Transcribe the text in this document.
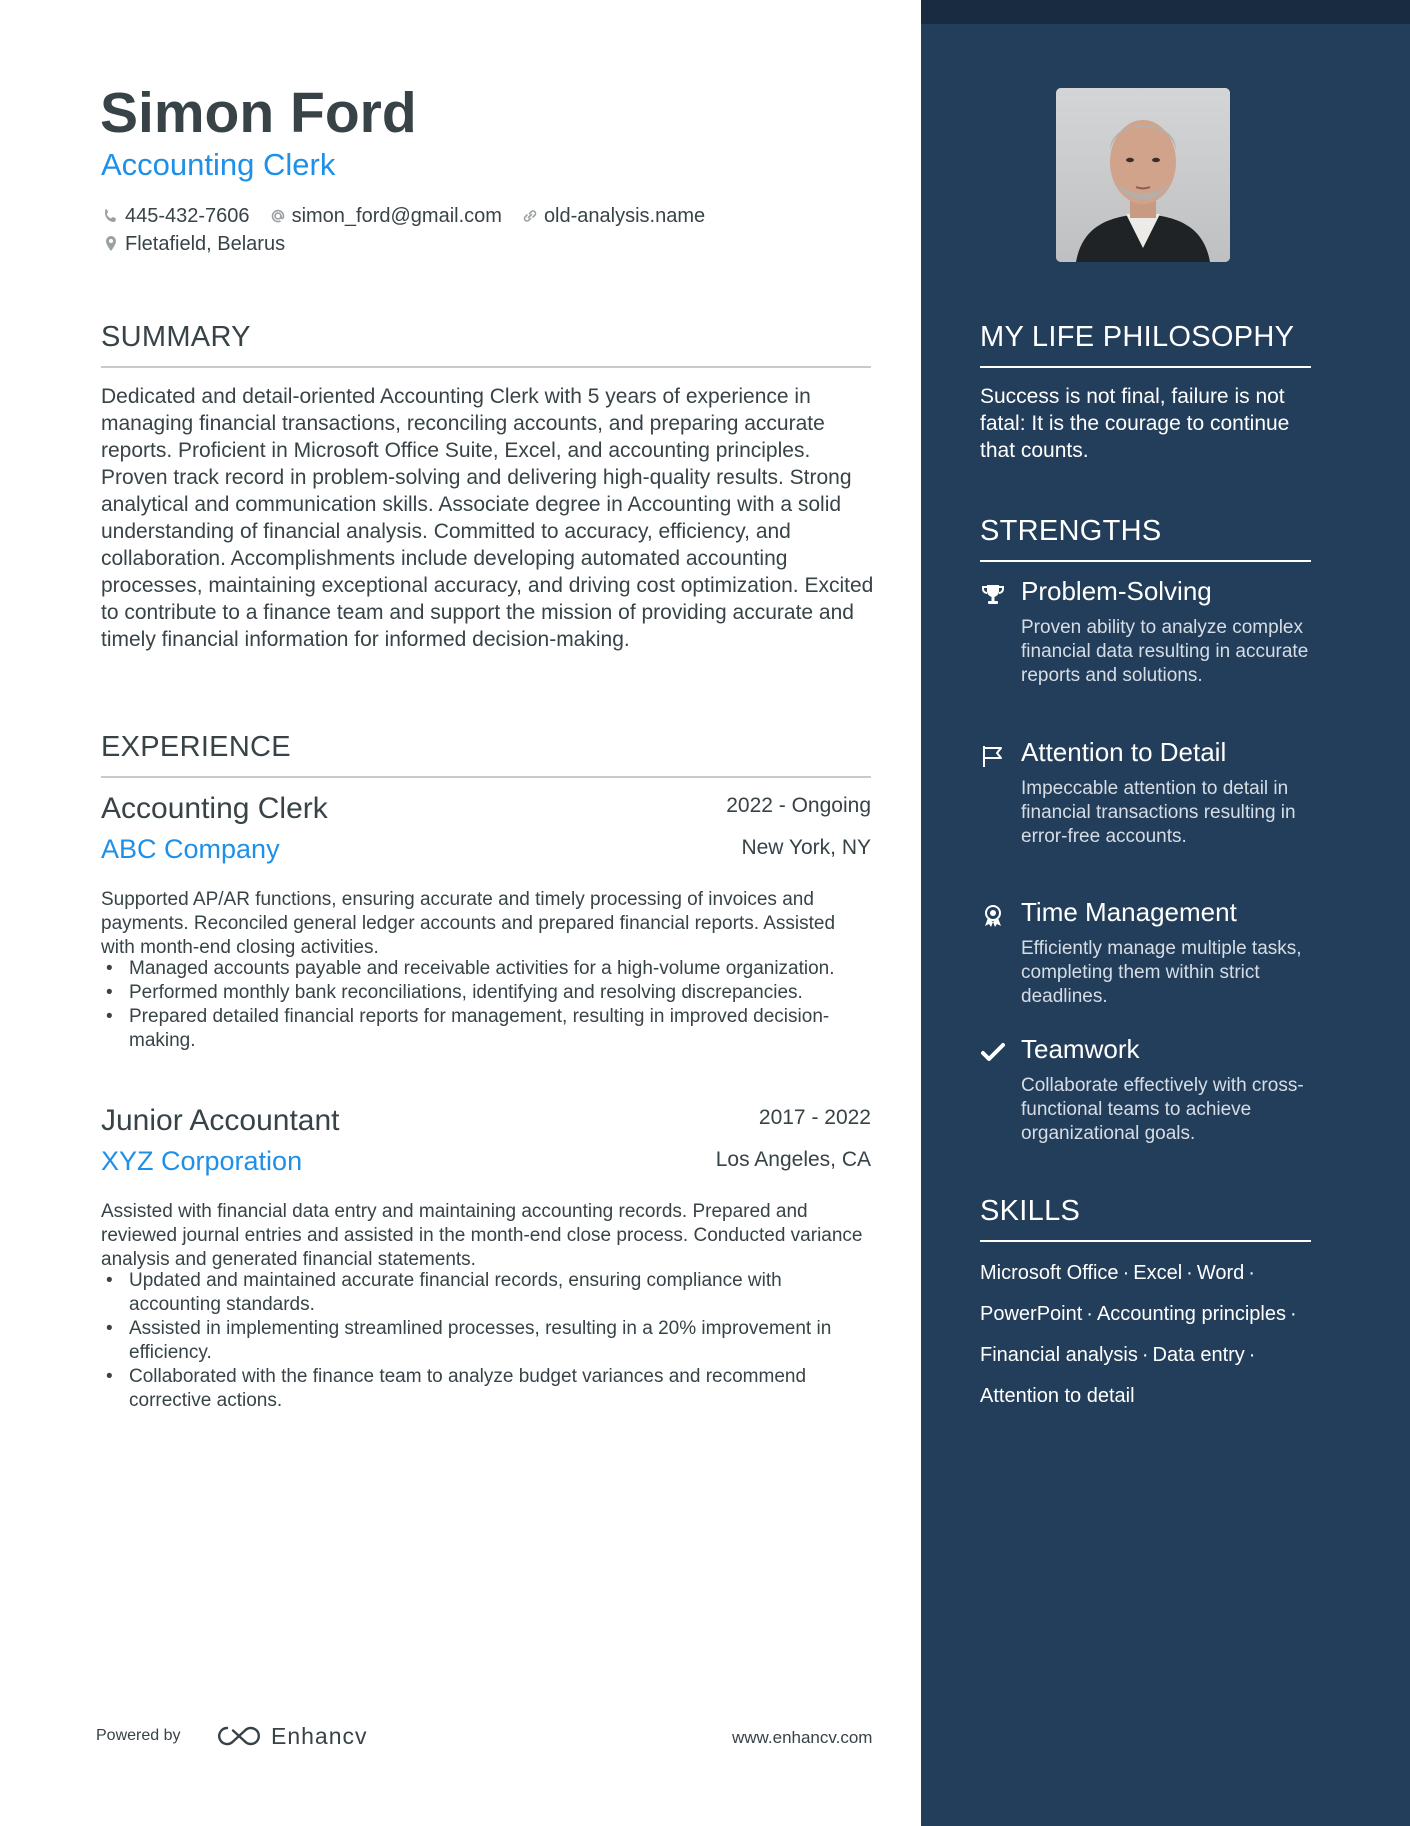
Simon Ford
Accounting Clerk
445-432-7606 simon_ford@gmail.com old-analysis.name
Fletafield, Belarus
SUMMARY
Dedicated and detail-oriented Accounting Clerk with 5 years of experience in managing financial transactions, reconciling accounts, and preparing accurate reports. Proficient in Microsoft Office Suite, Excel, and accounting principles. Proven track record in problem-solving and delivering high-quality results. Strong analytical and communication skills. Associate degree in Accounting with a solid understanding of financial analysis. Committed to accuracy, efficiency, and collaboration. Accomplishments include developing automated accounting processes, maintaining exceptional accuracy, and driving cost optimization. Excited to contribute to a finance team and support the mission of providing accurate and timely financial information for informed decision-making.
EXPERIENCE
Accounting Clerk	2022 - Ongoing
ABC Company	New York, NY
Supported AP/AR functions, ensuring accurate and timely processing of invoices and payments. Reconciled general ledger accounts and prepared financial reports. Assisted with month-end closing activities.
• Managed accounts payable and receivable activities for a high-volume organization.
• Performed monthly bank reconciliations, identifying and resolving discrepancies.
• Prepared detailed financial reports for management, resulting in improved decision-making.
Junior Accountant	2017 - 2022
XYZ Corporation	Los Angeles, CA
Assisted with financial data entry and maintaining accounting records. Prepared and reviewed journal entries and assisted in the month-end close process. Conducted variance analysis and generated financial statements.
• Updated and maintained accurate financial records, ensuring compliance with accounting standards.
• Assisted in implementing streamlined processes, resulting in a 20% improvement in efficiency.
• Collaborated with the finance team to analyze budget variances and recommend corrective actions.
Powered by	Enhancv	www.enhancv.com
MY LIFE PHILOSOPHY
Success is not final, failure is not fatal: It is the courage to continue that counts.
STRENGTHS
Problem-Solving
Proven ability to analyze complex financial data resulting in accurate reports and solutions.
Attention to Detail
Impeccable attention to detail in financial transactions resulting in error-free accounts.
Time Management
Efficiently manage multiple tasks, completing them within strict deadlines.
Teamwork
Collaborate effectively with cross-functional teams to achieve organizational goals.
SKILLS
Microsoft Office · Excel · Word ·
PowerPoint · Accounting principles ·
Financial analysis · Data entry ·
Attention to detail
